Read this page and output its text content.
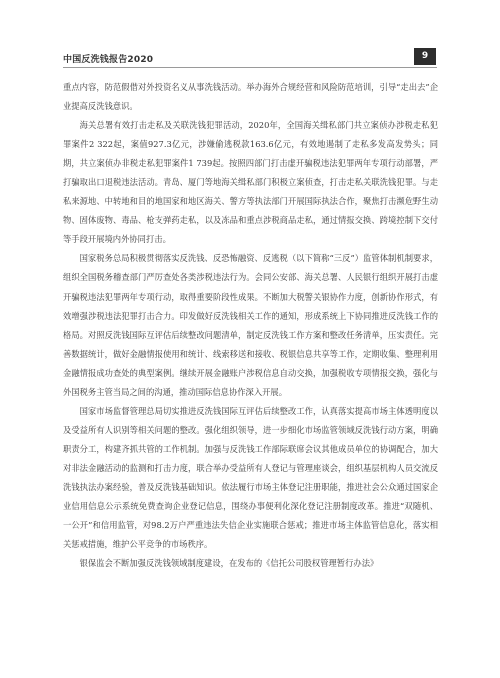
中国反洗钱报告2020	9

重点内容，防范假借对外投资名义从事洗钱活动。举办海外合规经营和风险防范培训，引导“走出去”企业提高反洗钱意识。

海关总署有效打击走私及关联洗钱犯罪活动，2020年，全国海关缉私部门共立案侦办涉税走私犯罪案件2 322起，案值927.3亿元，涉嫌偷逃税款163.6亿元，有效地遏制了走私多发高发势头；同期，共立案侦办非税走私犯罪案件1 739起。按照四部门打击虚开骗税违法犯罪两年专项行动部署，严打骗取出口退税违法活动。青岛、厦门等地海关缉私部门积极立案侦查，打击走私关联洗钱犯罪。与走私来源地、中转地和目的地国家和地区海关、警方等执法部门开展国际执法合作，聚焦打击濒危野生动物、固体废物、毒品、枪支弹药走私，以及冻品和重点涉税商品走私，通过情报交换、跨境控制下交付等手段开展境内外协同打击。

国家税务总局积极贯彻落实反洗钱、反恐怖融资、反逃税（以下简称“三反”）监管体制机制要求，组织全国税务稽查部门严厉查处各类涉税违法行为。会同公安部、海关总署、人民银行组织开展打击虚开骗税违法犯罪两年专项行动，取得重要阶段性成果。不断加大税警关银协作力度，创新协作形式，有效增强涉税违法犯罪打击合力。印发做好反洗钱相关工作的通知，形成系统上下协同推进反洗钱工作的格局。对照反洗钱国际互评估后续整改问题清单，制定反洗钱工作方案和整改任务清单，压实责任。完善数据统计，做好金融情报使用和统计、线索移送和接收、税银信息共享等工作，定期收集、整理利用金融情报成功查处的典型案例。继续开展金融账户涉税信息自动交换，加强税收专项情报交换，强化与外国税务主管当局之间的沟通，推动国际信息协作深入开展。

国家市场监督管理总局切实推进反洗钱国际互评估后续整改工作，认真落实提高市场主体透明度以及受益所有人识别等相关问题的整改。强化组织领导，进一步细化市场监管领域反洗钱行动方案，明确职责分工，构建齐抓共管的工作机制。加强与反洗钱工作部际联席会议其他成员单位的协调配合，加大对非法金融活动的监测和打击力度，联合举办受益所有人登记与管理座谈会，组织基层机构人员交流反洗钱执法办案经验，普及反洗钱基础知识。依法履行市场主体登记注册职能，推进社会公众通过国家企业信用信息公示系统免费查询企业登记信息，围绕办事便利化深化登记注册制度改革。推进“双随机、一公开”和信用监管，对98.2万户严重违法失信企业实施联合惩戒；推进市场主体监管信息化，落实相关惩戒措施，维护公平竞争的市场秩序。

银保监会不断加强反洗钱领域制度建设，在发布的《信托公司股权管理暂行办法》
